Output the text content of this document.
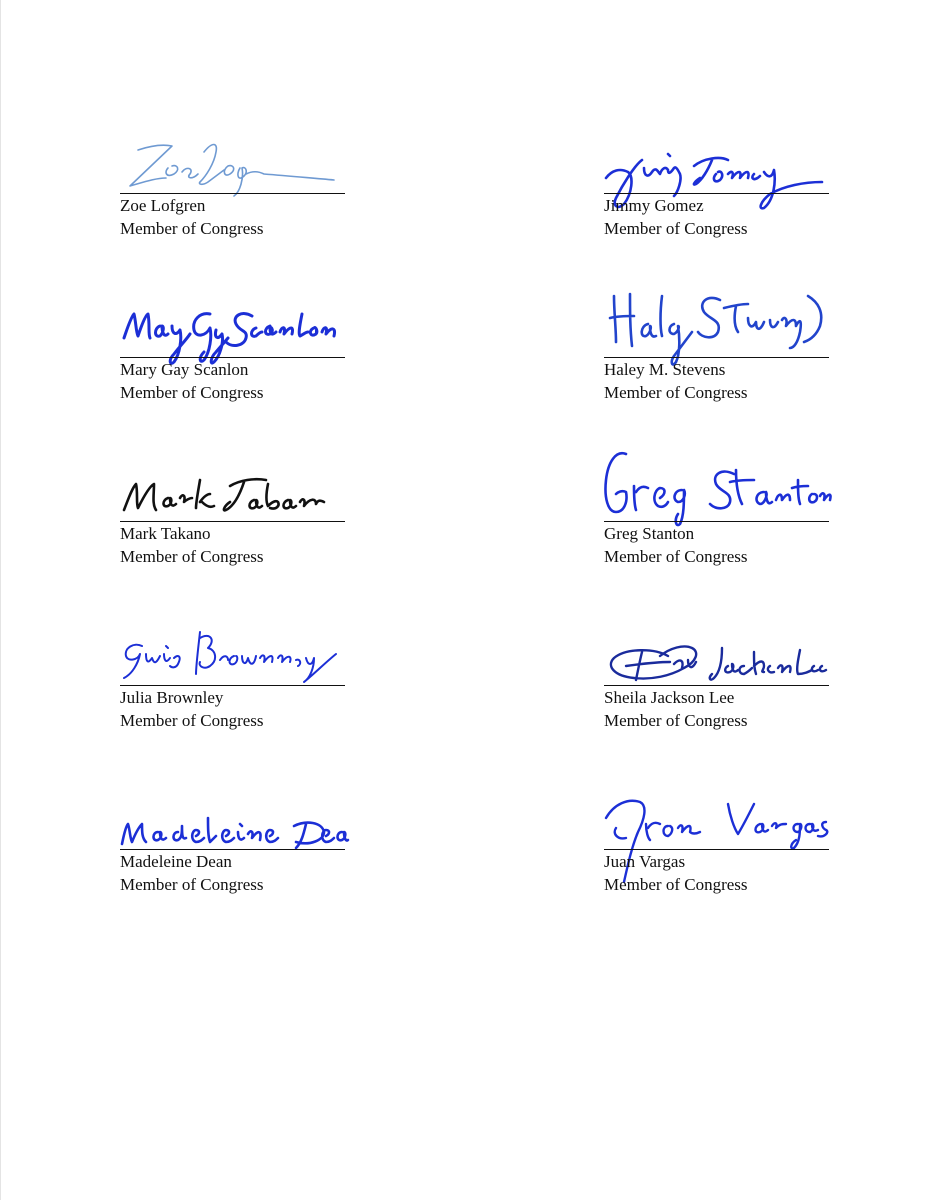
Zoe Lofgren
Member of Congress
Jimmy Gomez
Member of Congress
Mary Gay Scanlon
Member of Congress
Haley M. Stevens
Member of Congress
Mark Takano
Member of Congress
Greg Stanton
Member of Congress
Julia Brownley
Member of Congress
Sheila Jackson Lee
Member of Congress
Madeleine Dean
Member of Congress
Juan Vargas
Member of Congress
